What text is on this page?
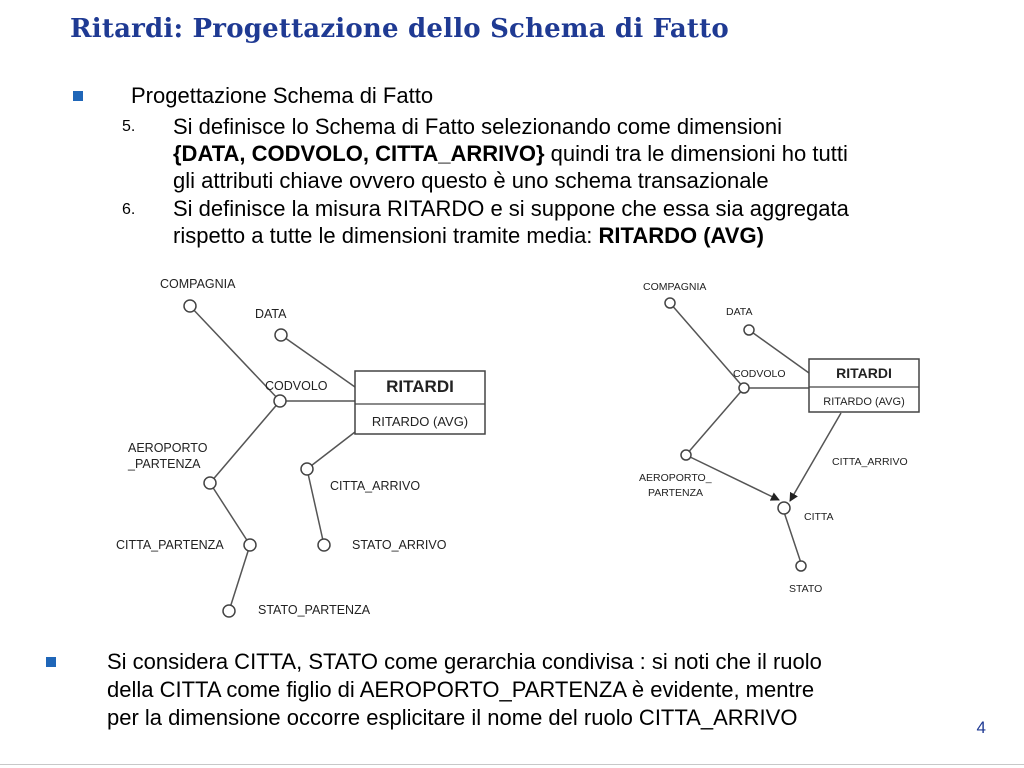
Ritardi: Progettazione dello Schema di Fatto
Progettazione Schema di Fatto
5. Si definisce lo Schema di Fatto selezionando come dimensioni
{DATA, CODVOLO, CITTA_ARRIVO} quindi tra le dimensioni ho tutti
gli attributi chiave ovvero questo è uno schema transazionale
6. Si definisce la misura RITARDO e si suppone che essa sia aggregata
rispetto a tutte le dimensioni tramite media: RITARDO (AVG)
RITARDI
RITARDO (AVG)
COMPAGNIA
DATA
CODVOLO
AEROPORTO
_PARTENZA
CITTA_PARTENZA
STATO_PARTENZA
CITTA_ARRIVO
STATO_ARRIVO
RITARDI
RITARDO (AVG)
COMPAGNIA
DATA
CODVOLO
AEROPORTO_
PARTENZA
CITTA_ARRIVO
CITTA
STATO
Si considera CITTA, STATO come gerarchia condivisa : si noti che il ruolo
della CITTA come figlio di AEROPORTO_PARTENZA è evidente, mentre
per la dimensione occorre esplicitare il nome del ruolo CITTA_ARRIVO	4
